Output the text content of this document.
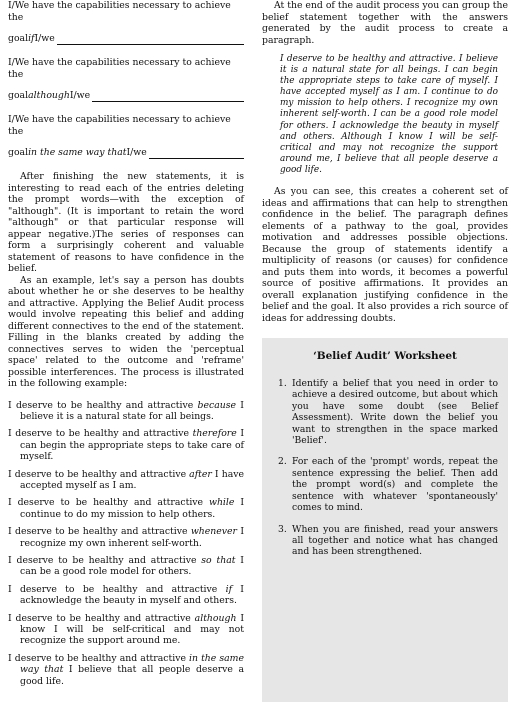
I/We have the capabilities necessary to achieve the
goal if I/we
I/We have the capabilities necessary to achieve the
goal although I/we
I/We have the capabilities necessary to achieve the
goal in the same way that I/we

After finishing the new statements, it is interesting to read each of the entries deleting the prompt words—with the exception of "although". (It is important to retain the word "although" or that particular response will appear negative.)The series of responses can form a surprisingly coherent and valuable statement of reasons to have confidence in the belief.

As an example, let's say a person has doubts about whether he or she deserves to be healthy and attractive. Applying the Belief Audit process would involve repeating this belief and adding different connectives to the end of the statement. Filling in the blanks created by adding the connectives serves to widen the 'perceptual space' related to the outcome and 'reframe' possible interferences. The process is illustrated in the following example:

I deserve to be healthy and attractive because I believe it is a natural state for all beings.
I deserve to be healthy and attractive therefore I can begin the appropriate steps to take care of myself.
I deserve to be healthy and attractive after I have accepted myself as I am.
I deserve to be healthy and attractive while I continue to do my mission to help others.
I deserve to be healthy and attractive whenever I recognize my own inherent self-worth.
I deserve to be healthy and attractive so that I can be a good role model for others.
I deserve to be healthy and attractive if I acknowledge the beauty in myself and others.
I deserve to be healthy and attractive although I know I will be self-critical and may not recognize the support around me.
I deserve to be healthy and attractive in the same way that I believe that all people deserve a good life.

At the end of the audit process you can group the belief statement together with the answers generated by the audit process to create a paragraph.

I deserve to be healthy and attractive. I believe it is a natural state for all beings. I can begin the appropriate steps to take care of myself. I have accepted myself as I am. I continue to do my mission to help others. I recognize my own inherent self-worth. I can be a good role model for others. I acknowledge the beauty in myself and others. Although I know I will be self-critical and may not recognize the support around me, I believe that all people deserve a good life.

As you can see, this creates a coherent set of ideas and affirmations that can help to strengthen confidence in the belief. The paragraph defines elements of a pathway to the goal, provides motivation and addresses possible objections. Because the group of statements identify a multiplicity of reasons (or causes) for confidence and puts them into words, it becomes a powerful source of positive affirmations. It provides an overall explanation justifying confidence in the belief and the goal. It also provides a rich source of ideas for addressing doubts.

‘Belief Audit’ Worksheet
1. Identify a belief that you need in order to achieve a desired outcome, but about which you have some doubt (see Belief Assessment). Write down the belief you want to strengthen in the space marked 'Belief'.
2. For each of the 'prompt' words, repeat the sentence expressing the belief. Then add the prompt word(s) and complete the sentence with whatever 'spontaneously' comes to mind.
3. When you are finished, read your answers all together and notice what has changed and has been strengthened.
